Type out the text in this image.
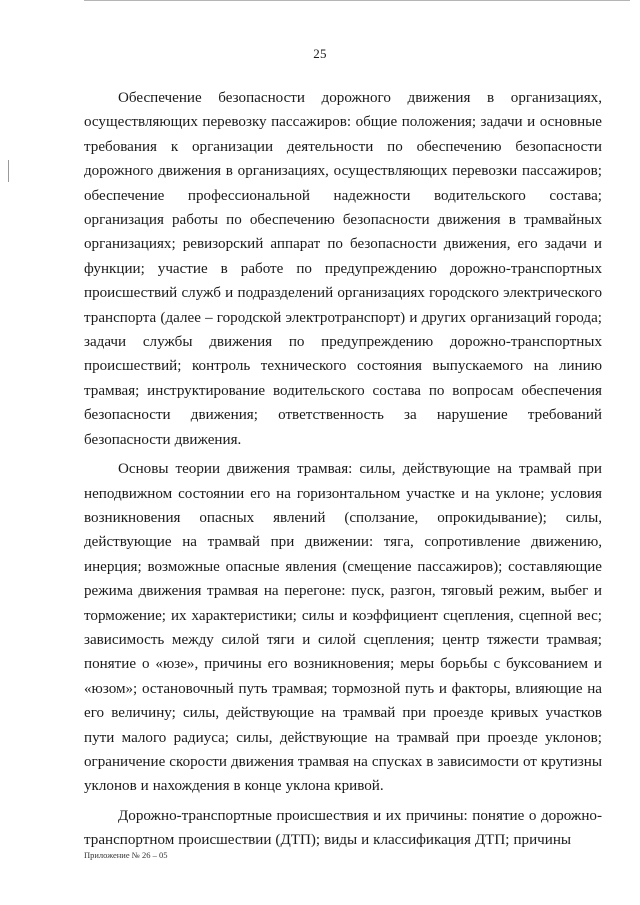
25

Обеспечение безопасности дорожного движения в организациях, осуществляющих перевозку пассажиров: общие положения; задачи и основные требования к организации деятельности по обеспечению безопасности дорожного движения в организациях, осуществляющих перевозки пассажиров; обеспечение профессиональной надежности водительского состава; организация работы по обеспечению безопасности движения в трамвайных организациях; ревизорский аппарат по безопасности движения, его задачи и функции; участие в работе по предупреждению дорожно-транспортных происшествий служб и подразделений организациях городского электрического транспорта (далее – городской электротранспорт) и других организаций города; задачи службы движения по предупреждению дорожно-транспортных происшествий; контроль технического состояния выпускаемого на линию трамвая; инструктирование водительского состава по вопросам обеспечения безопасности движения; ответственность за нарушение требований безопасности движения.

Основы теории движения трамвая: силы, действующие на трамвай при неподвижном состоянии его на горизонтальном участке и на уклоне; условия возникновения опасных явлений (сползание, опрокидывание); силы, действующие на трамвай при движении: тяга, сопротивление движению, инерция; возможные опасные явления (смещение пассажиров); составляющие режима движения трамвая на перегоне: пуск, разгон, тяговый режим, выбег и торможение; их характеристики; силы и коэффициент сцепления, сцепной вес; зависимость между силой тяги и силой сцепления; центр тяжести трамвая; понятие о «юзе», причины его возникновения; меры борьбы с буксованием и «юзом»; остановочный путь трамвая; тормозной путь и факторы, влияющие на его величину; силы, действующие на трамвай при проезде кривых участков пути малого радиуса; силы, действующие на трамвай при проезде уклонов; ограничение скорости движения трамвая на спусках в зависимости от крутизны уклонов и нахождения в конце уклона кривой.

Дорожно-транспортные происшествия и их причины: понятие о дорожно-транспортном происшествии (ДТП); виды и классификация ДТП; причины

Приложение № 26 – 05
